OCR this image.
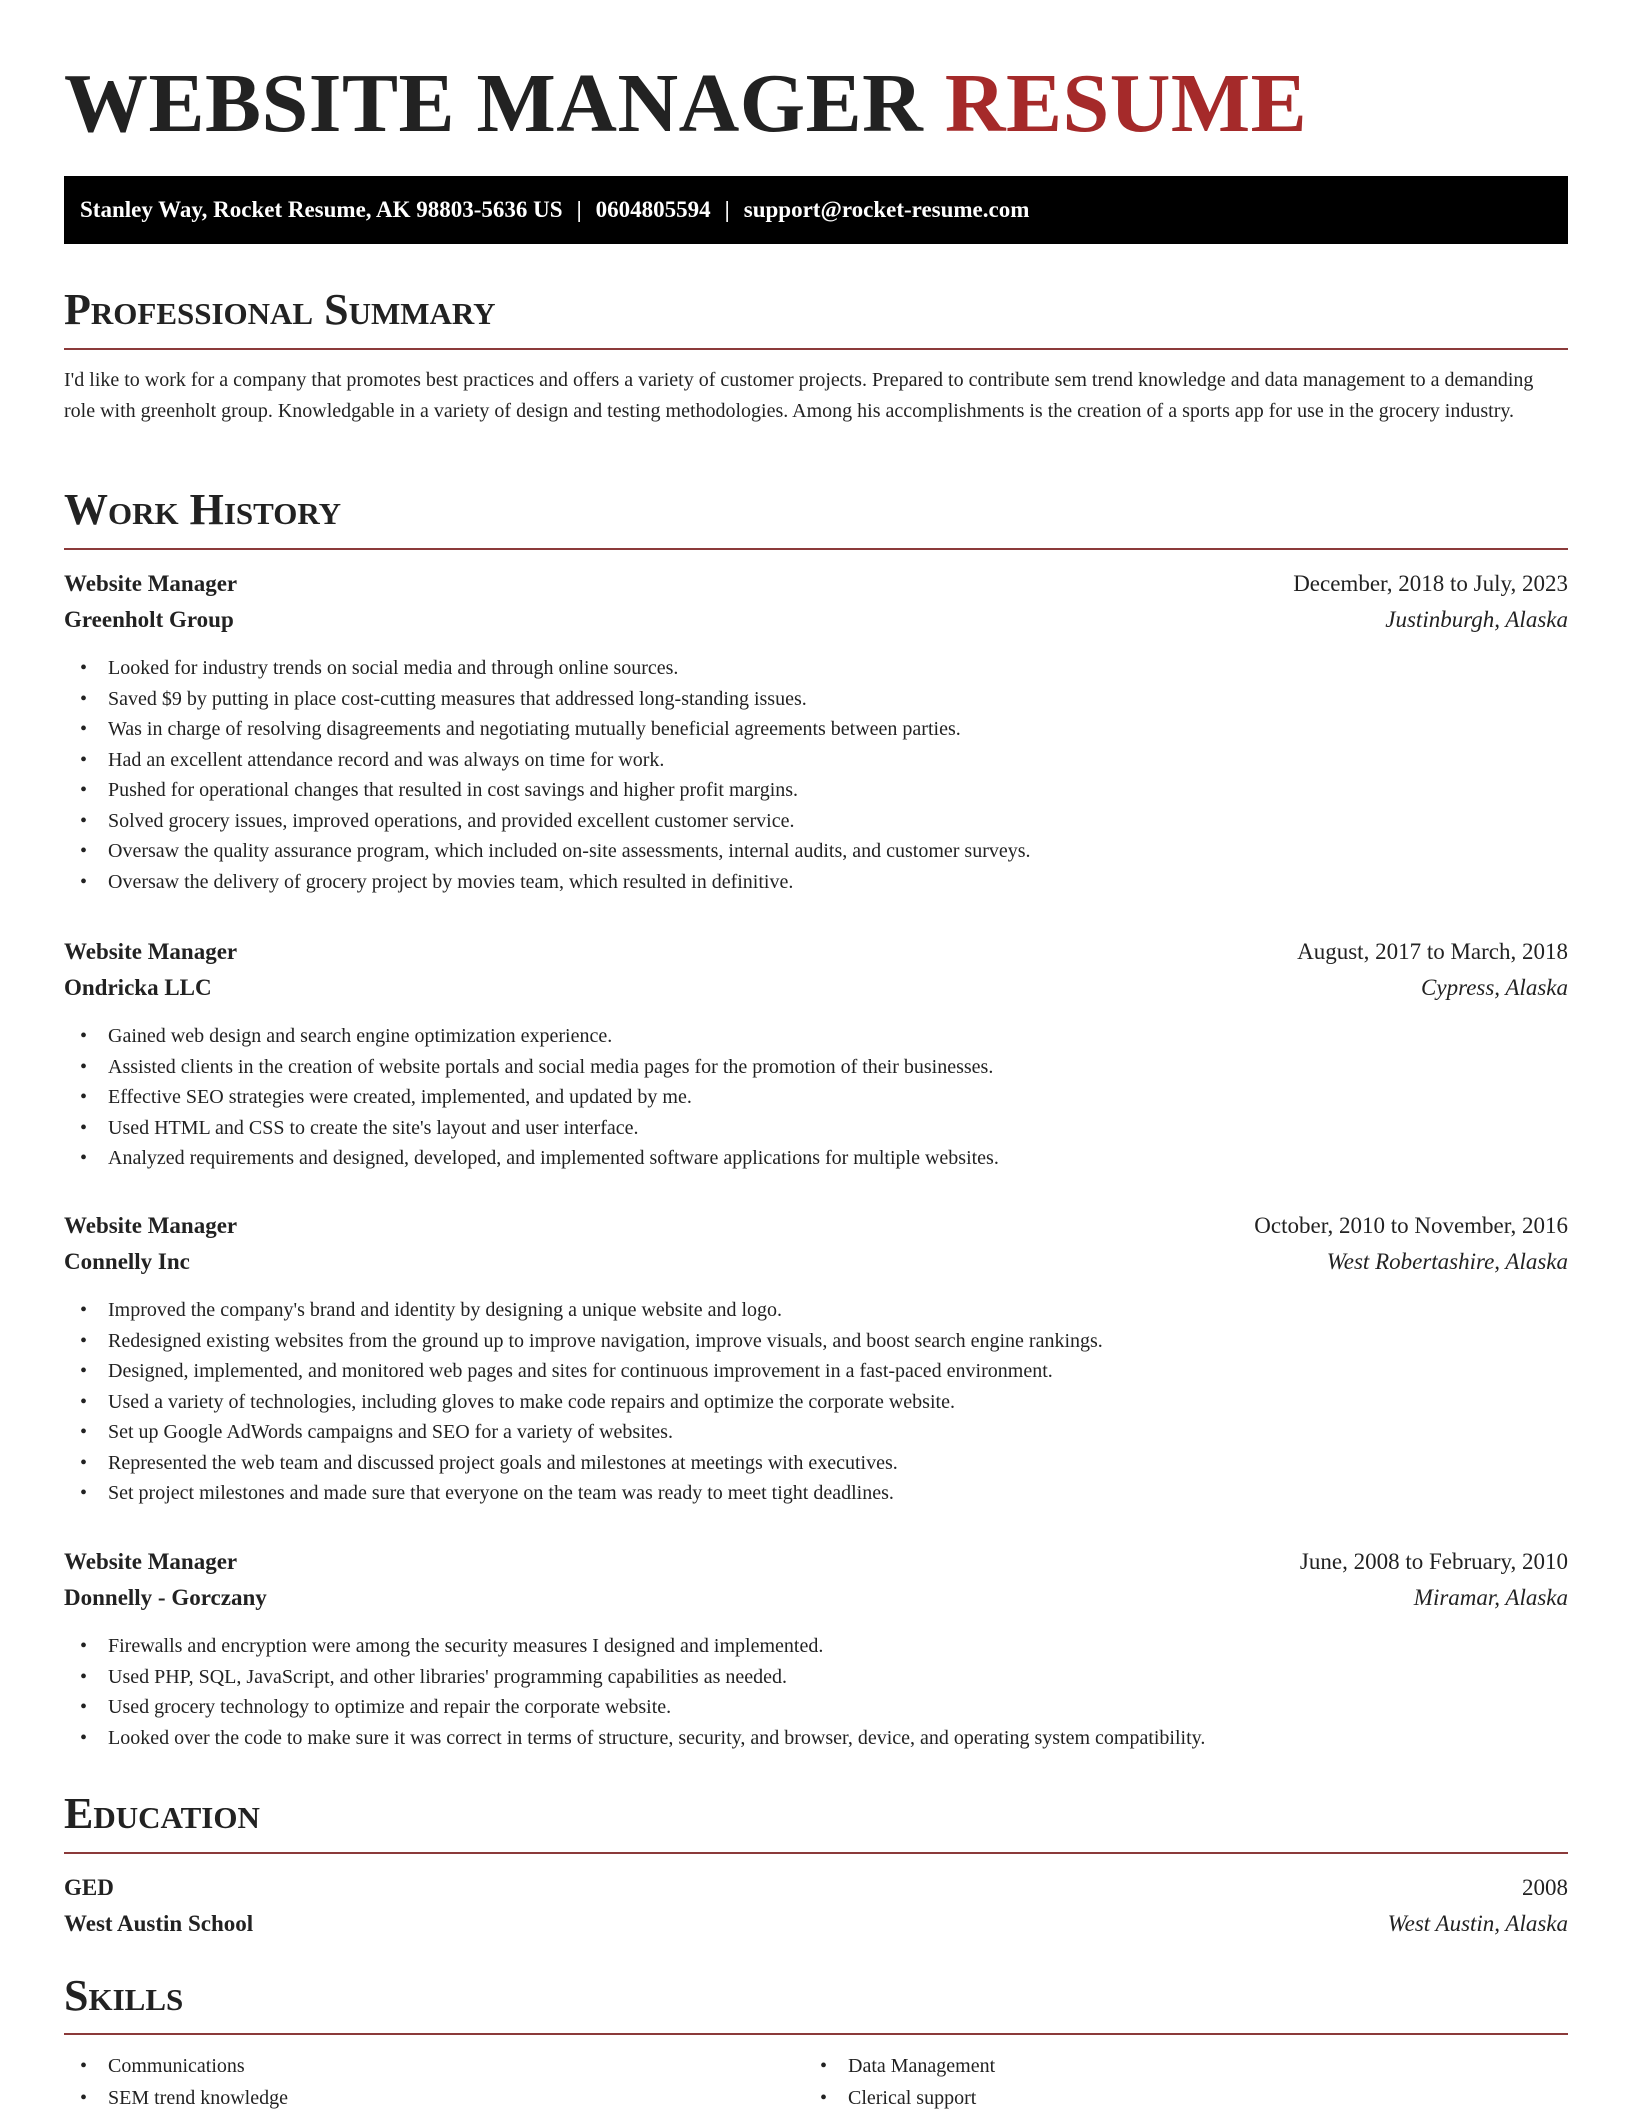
WEBSITE MANAGER RESUME
Stanley Way, Rocket Resume, AK 98803-5636 US | 0604805594 | support@rocket-resume.com
Professional Summary

I'd like to work for a company that promotes best practices and offers a variety of customer projects. Prepared to contribute sem trend knowledge and data management to a demanding role with greenholt group. Knowledgable in a variety of design and testing methodologies. Among his accomplishments is the creation of a sports app for use in the grocery industry.

Work History
Website Manager	December, 2018 to July, 2023
Greenholt Group	Justinburgh, Alaska
• Looked for industry trends on social media and through online sources.
• Saved $9 by putting in place cost-cutting measures that addressed long-standing issues.
• Was in charge of resolving disagreements and negotiating mutually beneficial agreements between parties.
• Had an excellent attendance record and was always on time for work.
• Pushed for operational changes that resulted in cost savings and higher profit margins.
• Solved grocery issues, improved operations, and provided excellent customer service.
• Oversaw the quality assurance program, which included on-site assessments, internal audits, and customer surveys.
• Oversaw the delivery of grocery project by movies team, which resulted in definitive.
Website Manager	August, 2017 to March, 2018
Ondricka LLC	Cypress, Alaska
• Gained web design and search engine optimization experience.
• Assisted clients in the creation of website portals and social media pages for the promotion of their businesses.
• Effective SEO strategies were created, implemented, and updated by me.
• Used HTML and CSS to create the site's layout and user interface.
• Analyzed requirements and designed, developed, and implemented software applications for multiple websites.
Website Manager	October, 2010 to November, 2016
Connelly Inc	West Robertashire, Alaska
• Improved the company's brand and identity by designing a unique website and logo.
• Redesigned existing websites from the ground up to improve navigation, improve visuals, and boost search engine rankings.
• Designed, implemented, and monitored web pages and sites for continuous improvement in a fast-paced environment.
• Used a variety of technologies, including gloves to make code repairs and optimize the corporate website.
• Set up Google AdWords campaigns and SEO for a variety of websites.
• Represented the web team and discussed project goals and milestones at meetings with executives.
• Set project milestones and made sure that everyone on the team was ready to meet tight deadlines.
Website Manager	June, 2008 to February, 2010
Donnelly - Gorczany	Miramar, Alaska
• Firewalls and encryption were among the security measures I designed and implemented.
• Used PHP, SQL, JavaScript, and other libraries' programming capabilities as needed.
• Used grocery technology to optimize and repair the corporate website.
• Looked over the code to make sure it was correct in terms of structure, security, and browser, device, and operating system compatibility.
Education
GED	2008
West Austin School	West Austin, Alaska
Skills
• Communications
• SEM trend knowledge
• Data Management
• Clerical support
